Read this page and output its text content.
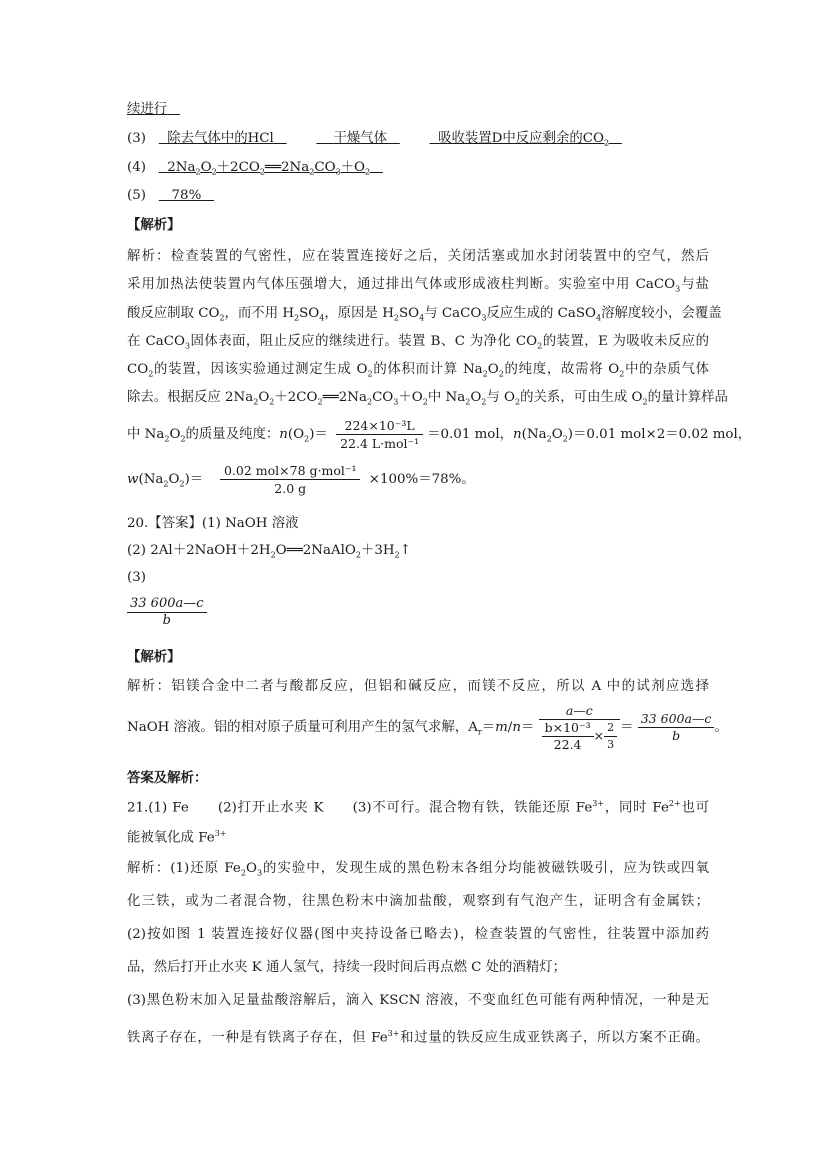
续进行
(3) 除去气体中的HCl	干燥气体	吸收装置D中反应剩余的$CO_2$
(4) $2Na_2O_2+2CO_2══2Na_2CO_3+O_2$
(5) 78%
【解析】
解析：检查装置的气密性，应在装置连接好之后，关闭活塞或加水封闭装置中的空气，然后
采用加热法使装置内气体压强增大，通过排出气体或形成液柱判断。实验室中用 CaCO$_3$与盐
酸反应制取 $CO_2$，而不用 $H_2SO_4$，原因是 $H_2SO_4$与 CaCO$_3$反应生成的 CaSO$_4$溶解度较小，会覆盖
在 CaCO$_3$固体表面，阻止反应的继续进行。装置 B、C 为净化 $CO_2$的装置，E 为吸收未反应的
$CO_2$的装置，因该实验通过测定生成 $O_2$的体积而计算 $Na_2O_2$的纯度，故需将 $O_2$中的杂质气体
除去。根据反应 $2Na_2O_2+2CO_2══2Na_2CO_3+O_2$中 $Na_2O_2$与 $O_2$的关系，可由生成 $O_2$的量计算样品
中 $Na_2O_2$的质量及纯度：$n(O_2)= \frac{\text{224×10⁻³L}}{\text{22.4 L·mol⁻¹}} =0.01$ mol，$n(Na_2O_2)=0.01$ mol×2＝0.02 mol，
$w(Na_2O_2)= \frac{\text{0.02 mol×78 g·mol⁻¹}}{2.0 g} \times 100\%=78\%$。
20.【答案】(1) NaOH 溶液
(2) $2Al+2NaOH+2H_2O══2NaAlO_2+3H_2↑$
(3)
$\frac{33 600a—c}{b}$
【解析】
解析：铝镁合金中二者与酸都反应，但铝和碱反应，而镁不反应，所以 A 中的试剂应选择
NaOH 溶液。铝的相对原子质量可利用产生的氢气求解，$A_r=m/n= \frac{a—c}{\frac{\text{b×10⁻³}}{22.4} \times \frac{2}{3}} = \frac{33 600a—c}{b}$ 。
答案及解析：
21.(1) Fe　　(2)打开止水夹 K　　(3)不可行。混合物有铁，铁能还原 $Fe^{3+}$，同时 $Fe^{2+}$也可
能被氧化成 $Fe^{3+}$
解析：(1)还原 $Fe_2O_3$的实验中，发现生成的黑色粉末各组分均能被磁铁吸引，应为铁或四氧
化三铁，或为二者混合物，往黑色粉末中滴加盐酸，观察到有气泡产生，证明含有金属铁；
(2)按如图 1 装置连接好仪器(图中夹持设备已略去)，检查装置的气密性，往装置中添加药
品，然后打开止水夹 K 通人氢气，持续一段时间后再点燃 C 处的酒精灯；
(3)黑色粉末加入足量盐酸溶解后，滴入 KSCN 溶液，不变血红色可能有两种情况，一种是无
铁离子存在，一种是有铁离子存在，但 $Fe^{3+}$和过量的铁反应生成亚铁离子，所以方案不正确。
